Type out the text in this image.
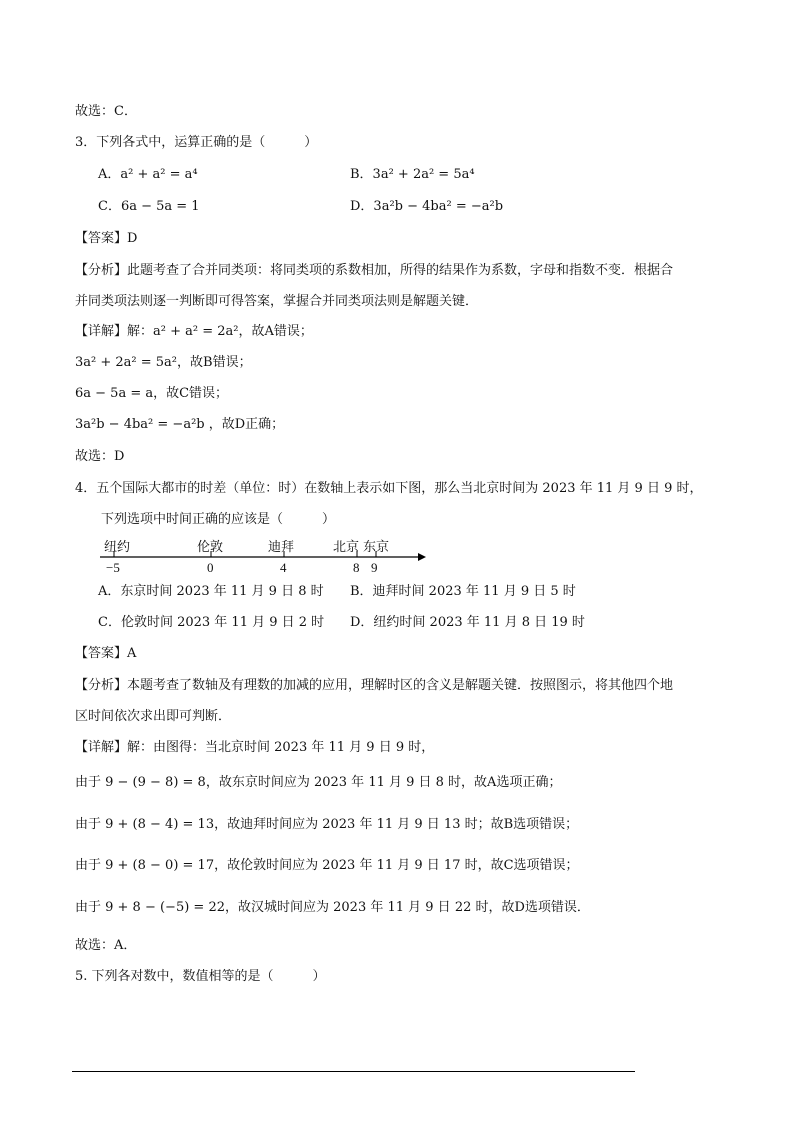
故选：C．
3．下列各式中，运算正确的是（　　　）
A．a² + a² = a⁴	B．3a² + 2a² = 5a⁴
C．6a − 5a = 1	D．3a²b − 4ba² = −a²b
【答案】D
【分析】此题考查了合并同类项：将同类项的系数相加，所得的结果作为系数，字母和指数不变．根据合
并同类项法则逐一判断即可得答案，掌握合并同类项法则是解题关键．
【详解】解：a² + a² = 2a²，故A错误；
3a² + 2a² = 5a²，故B错误；
6a − 5a = a，故C错误；
3a²b − 4ba² = −a²b ，故D正确；
故选：D
4．五个国际大都市的时差（单位：时）在数轴上表示如下图，那么当北京时间为 2023 年 11 月 9 日 9 时，
下列选项中时间正确的应该是（　　　）
纽约	伦敦	迪拜	北京 东京
−5	0	4	8 9
A．东京时间 2023 年 11 月 9 日 8 时 B．迪拜时间 2023 年 11 月 9 日 5 时
C．伦敦时间 2023 年 11 月 9 日 2 时 D．纽约时间 2023 年 11 月 8 日 19 时
【答案】A
【分析】本题考查了数轴及有理数的加减的应用，理解时区的含义是解题关键．按照图示，将其他四个地
区时间依次求出即可判断．
【详解】解：由图得：当北京时间 2023 年 11 月 9 日 9 时，
由于 9 − (9 − 8) = 8，故东京时间应为 2023 年 11 月 9 日 8 时，故A选项正确；
由于 9 + (8 − 4) = 13，故迪拜时间应为 2023 年 11 月 9 日 13 时；故B选项错误；
由于 9 + (8 − 0) = 17，故伦敦时间应为 2023 年 11 月 9 日 17 时，故C选项错误；
由于 9 + 8 − (−5) = 22，故汉城时间应为 2023 年 11 月 9 日 22 时，故D选项错误．
故选：A．
5. 下列各对数中，数值相等的是（　　　）
